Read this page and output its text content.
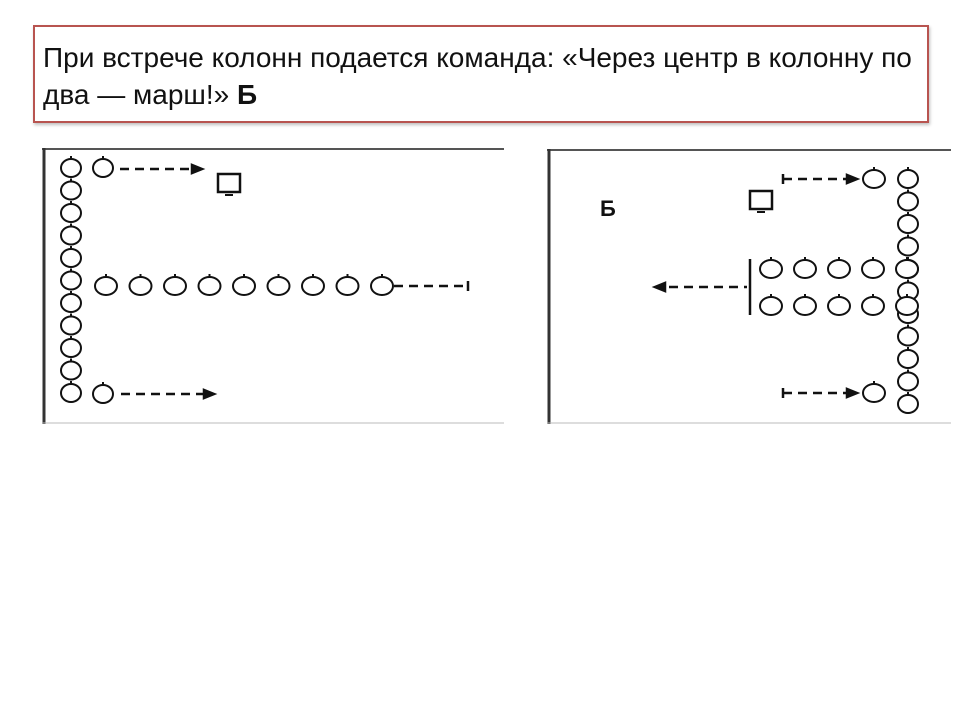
При встрече колонн подается команда: «Через центр в колонну по два — марш!» Б
Б
